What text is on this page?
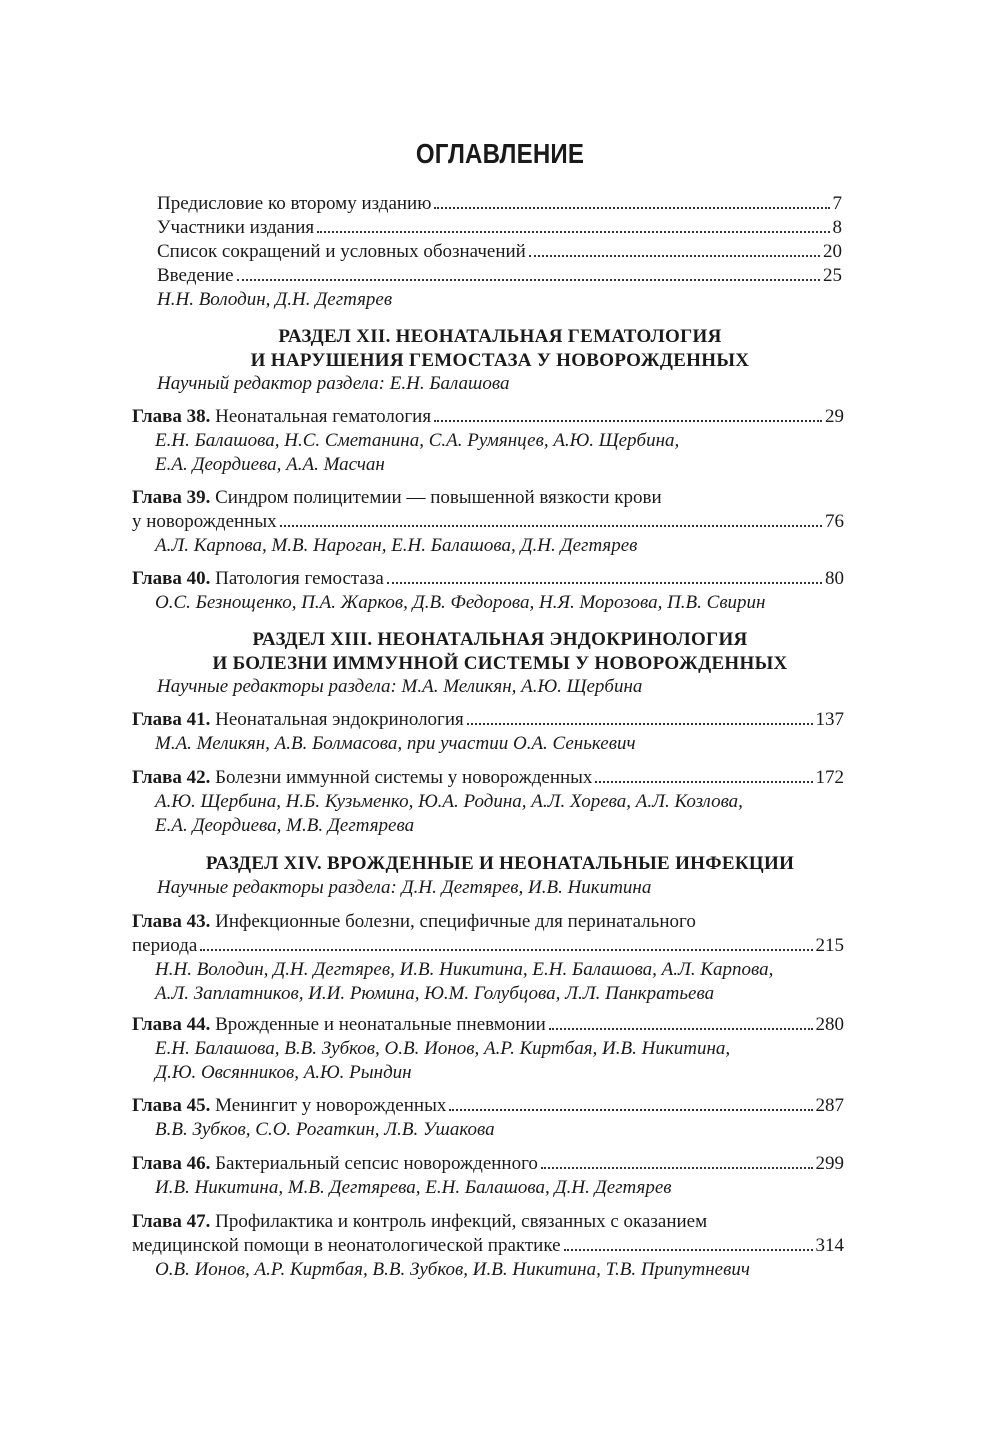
ОГЛАВЛЕНИЕ
Предисловие ко второму изданию	7
Участники издания	8
Список сокращений и условных обозначений	20
Введение	25
Н.Н. Володин, Д.Н. Дегтярев
РАЗДЕЛ XII. НЕОНАТАЛЬНАЯ ГЕМАТОЛОГИЯ
И НАРУШЕНИЯ ГЕМОСТАЗА У НОВОРОЖДЕННЫХ
Научный редактор раздела: Е.Н. Балашова
Глава 38. Неонатальная гематология	29
Е.Н. Балашова, Н.С. Сметанина, С.А. Румянцев, А.Ю. Щербина,
Е.А. Деордиева, А.А. Масчан
Глава 39. Синдром полицитемии — повышенной вязкости крови
у новорожденных	76
А.Л. Карпова, М.В. Нароган, Е.Н. Балашова, Д.Н. Дегтярев
Глава 40. Патология гемостаза	80
О.С. Безнощенко, П.А. Жарков, Д.В. Федорова, Н.Я. Морозова, П.В. Свирин
РАЗДЕЛ XIII. НЕОНАТАЛЬНАЯ ЭНДОКРИНОЛОГИЯ
И БОЛЕЗНИ ИММУННОЙ СИСТЕМЫ У НОВОРОЖДЕННЫХ
Научные редакторы раздела: М.А. Меликян, А.Ю. Щербина
Глава 41. Неонатальная эндокринология	137
М.А. Меликян, А.В. Болмасова, при участии О.А. Сенькевич
Глава 42. Болезни иммунной системы у новорожденных	172
А.Ю. Щербина, Н.Б. Кузьменко, Ю.А. Родина, А.Л. Хорева, А.Л. Козлова,
Е.А. Деордиева, М.В. Дегтярева
РАЗДЕЛ XIV. ВРОЖДЕННЫЕ И НЕОНАТАЛЬНЫЕ ИНФЕКЦИИ
Научные редакторы раздела: Д.Н. Дегтярев, И.В. Никитина
Глава 43. Инфекционные болезни, специфичные для перинатального
периода	215
Н.Н. Володин, Д.Н. Дегтярев, И.В. Никитина, Е.Н. Балашова, А.Л. Карпова,
А.Л. Заплатников, И.И. Рюмина, Ю.М. Голубцова, Л.Л. Панкратьева
Глава 44. Врожденные и неонатальные пневмонии	280
Е.Н. Балашова, В.В. Зубков, О.В. Ионов, А.Р. Киртбая, И.В. Никитина,
Д.Ю. Овсянников, А.Ю. Рындин
Глава 45. Менингит у новорожденных	287
В.В. Зубков, С.О. Рогаткин, Л.В. Ушакова
Глава 46. Бактериальный сепсис новорожденного	299
И.В. Никитина, М.В. Дегтярева, Е.Н. Балашова, Д.Н. Дегтярев
Глава 47. Профилактика и контроль инфекций, связанных с оказанием
медицинской помощи в неонатологической практике	314
О.В. Ионов, А.Р. Киртбая, В.В. Зубков, И.В. Никитина, Т.В. Припутневич
